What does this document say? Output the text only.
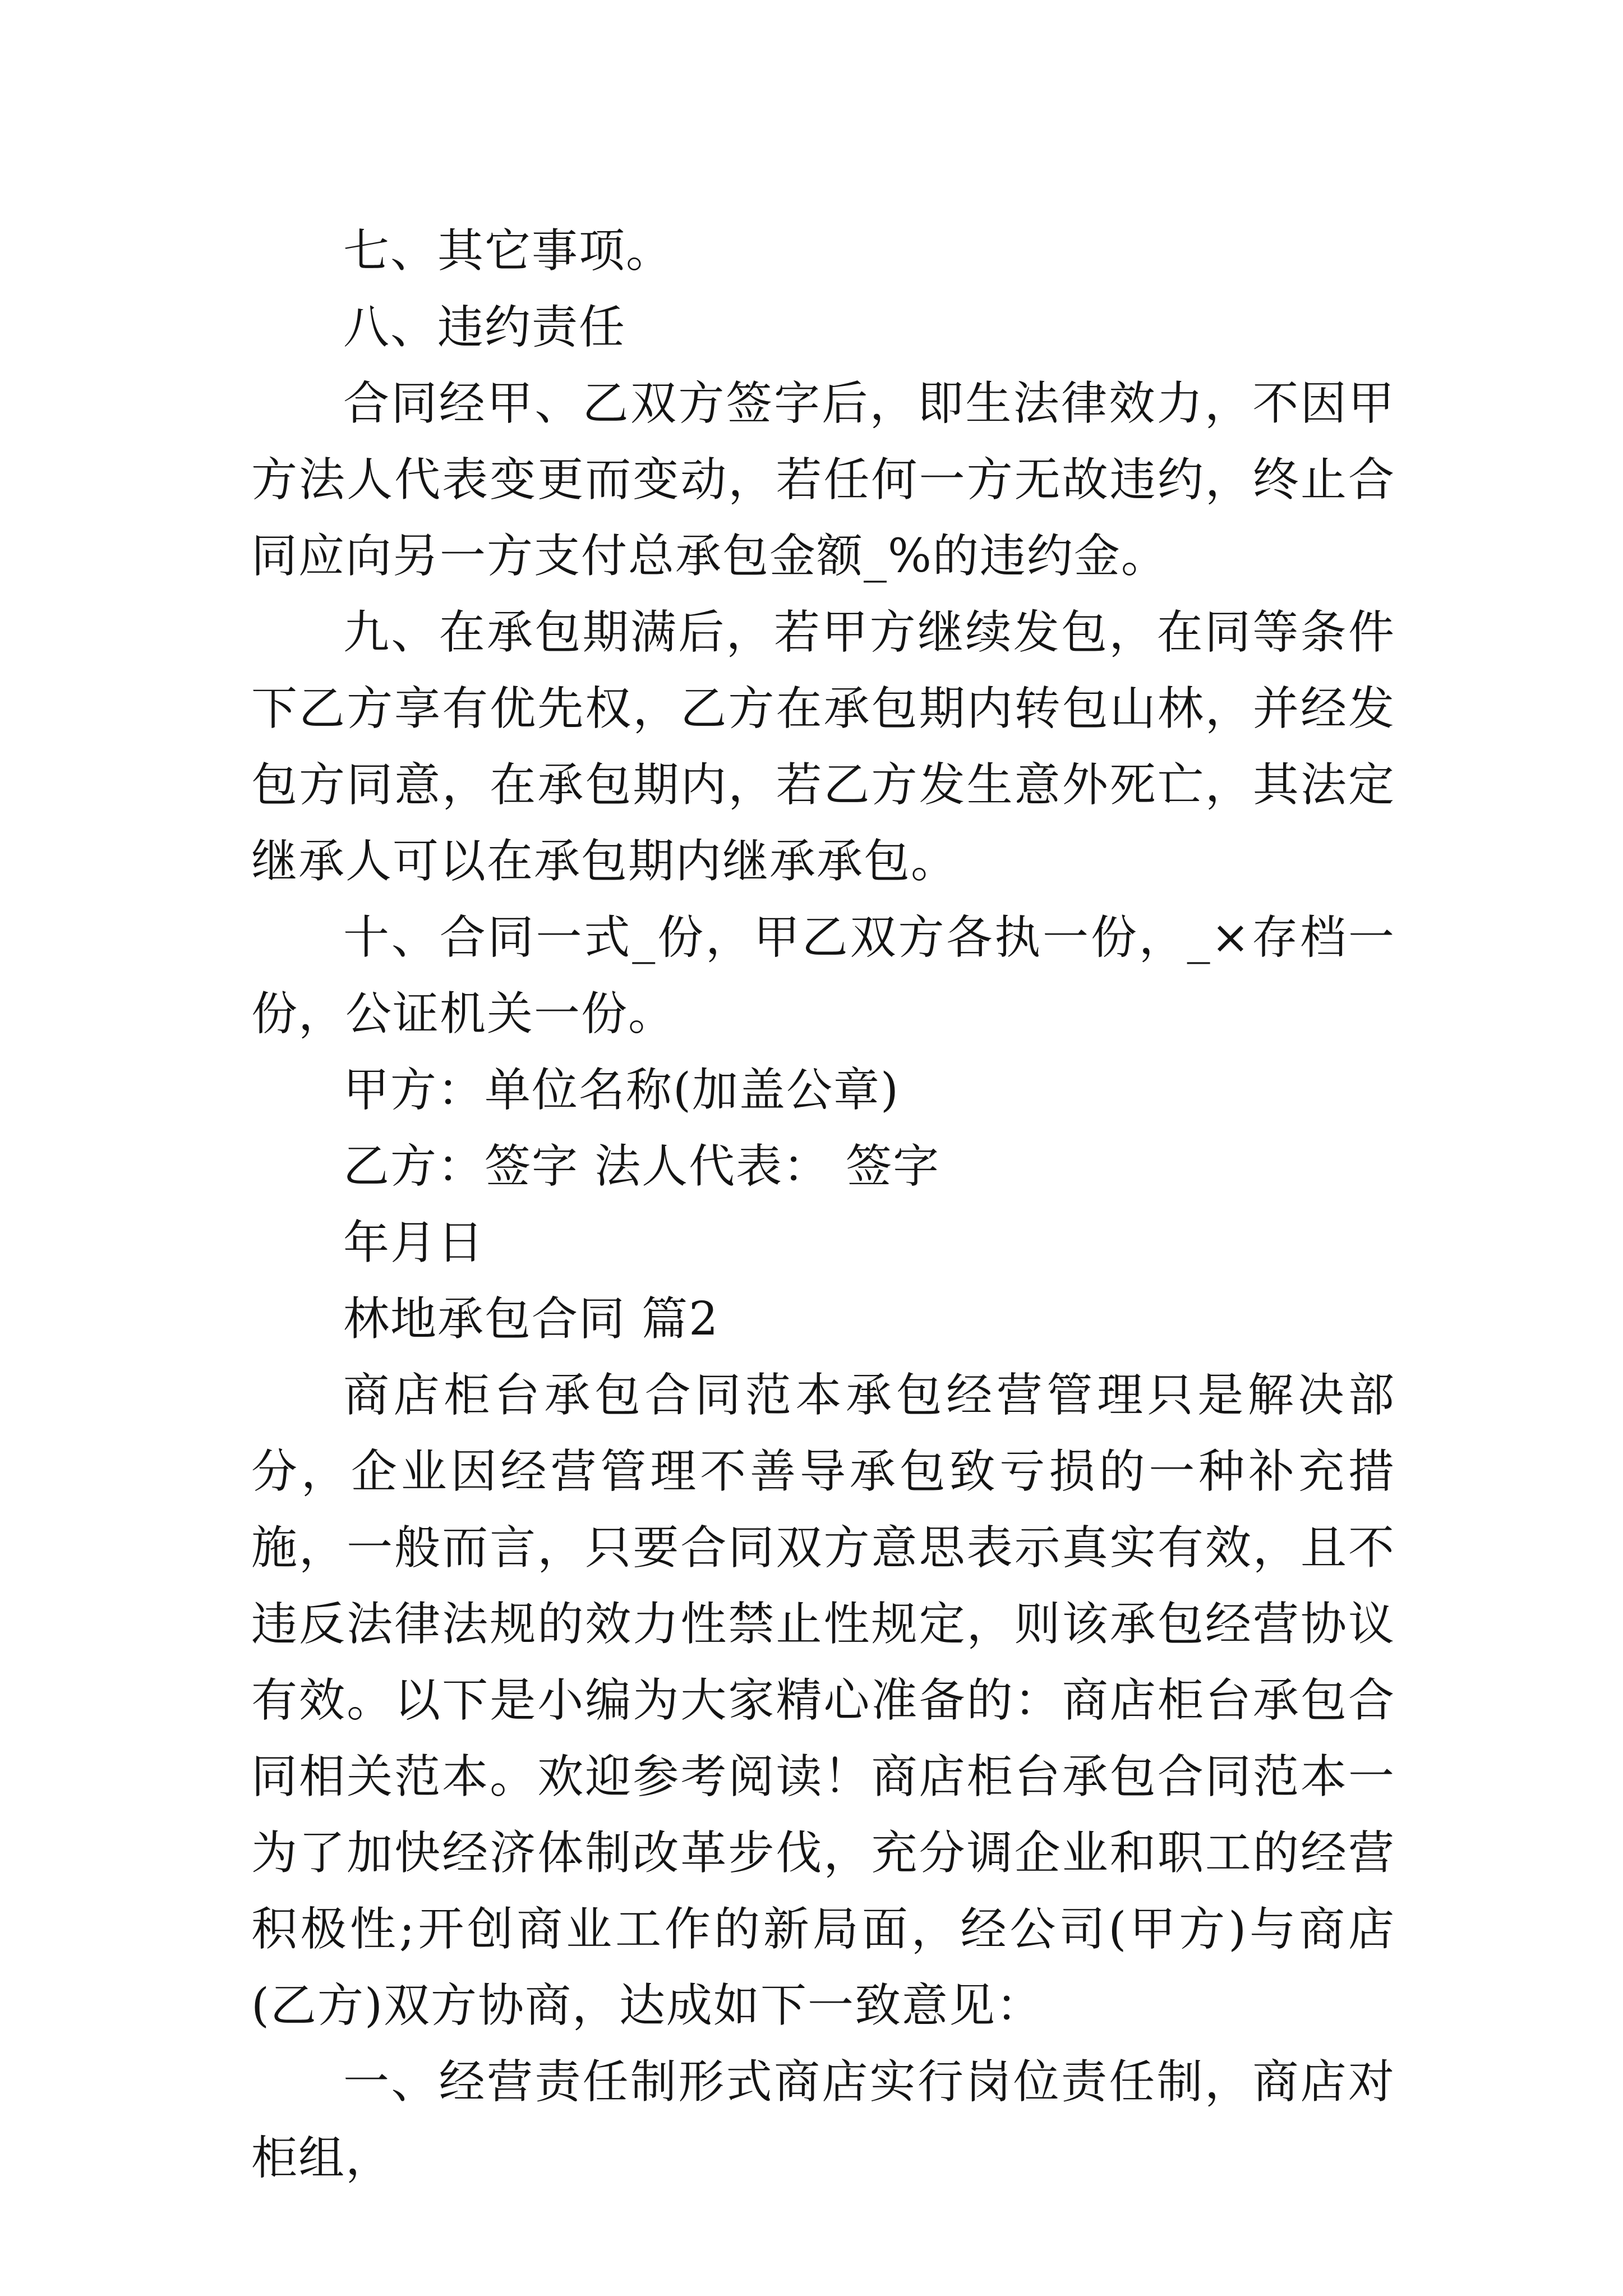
七、其它事项。

八、违约责任

合同经甲、乙双方签字后，即生法律效力，不因甲方法人代表变更而变动，若任何一方无故违约，终止合同应向另一方支付总承包金额_%的违约金。

九、在承包期满后，若甲方继续发包，在同等条件下乙方享有优先权，乙方在承包期内转包山林，并经发包方同意，在承包期内，若乙方发生意外死亡，其法定继承人可以在承包期内继承承包。

十、合同一式_份，甲乙双方各执一份，_×存档一份，公证机关一份。

甲方：单位名称(加盖公章)

乙方：签字 法人代表： 签字

年月日

林地承包合同 篇2

商店柜台承包合同范本承包经营管理只是解决部分，企业因经营管理不善导承包致亏损的一种补充措施，一般而言，只要合同双方意思表示真实有效，且不违反法律法规的效力性禁止性规定，则该承包经营协议有效。以下是小编为大家精心准备的：商店柜台承包合同相关范本。欢迎参考阅读！商店柜台承包合同范本一为了加快经济体制改革步伐，充分调企业和职工的经营积极性;开创商业工作的新局面，经公司(甲方)与商店(乙方)双方协商，达成如下一致意见：

一、经营责任制形式商店实行岗位责任制，商店对柜组，
